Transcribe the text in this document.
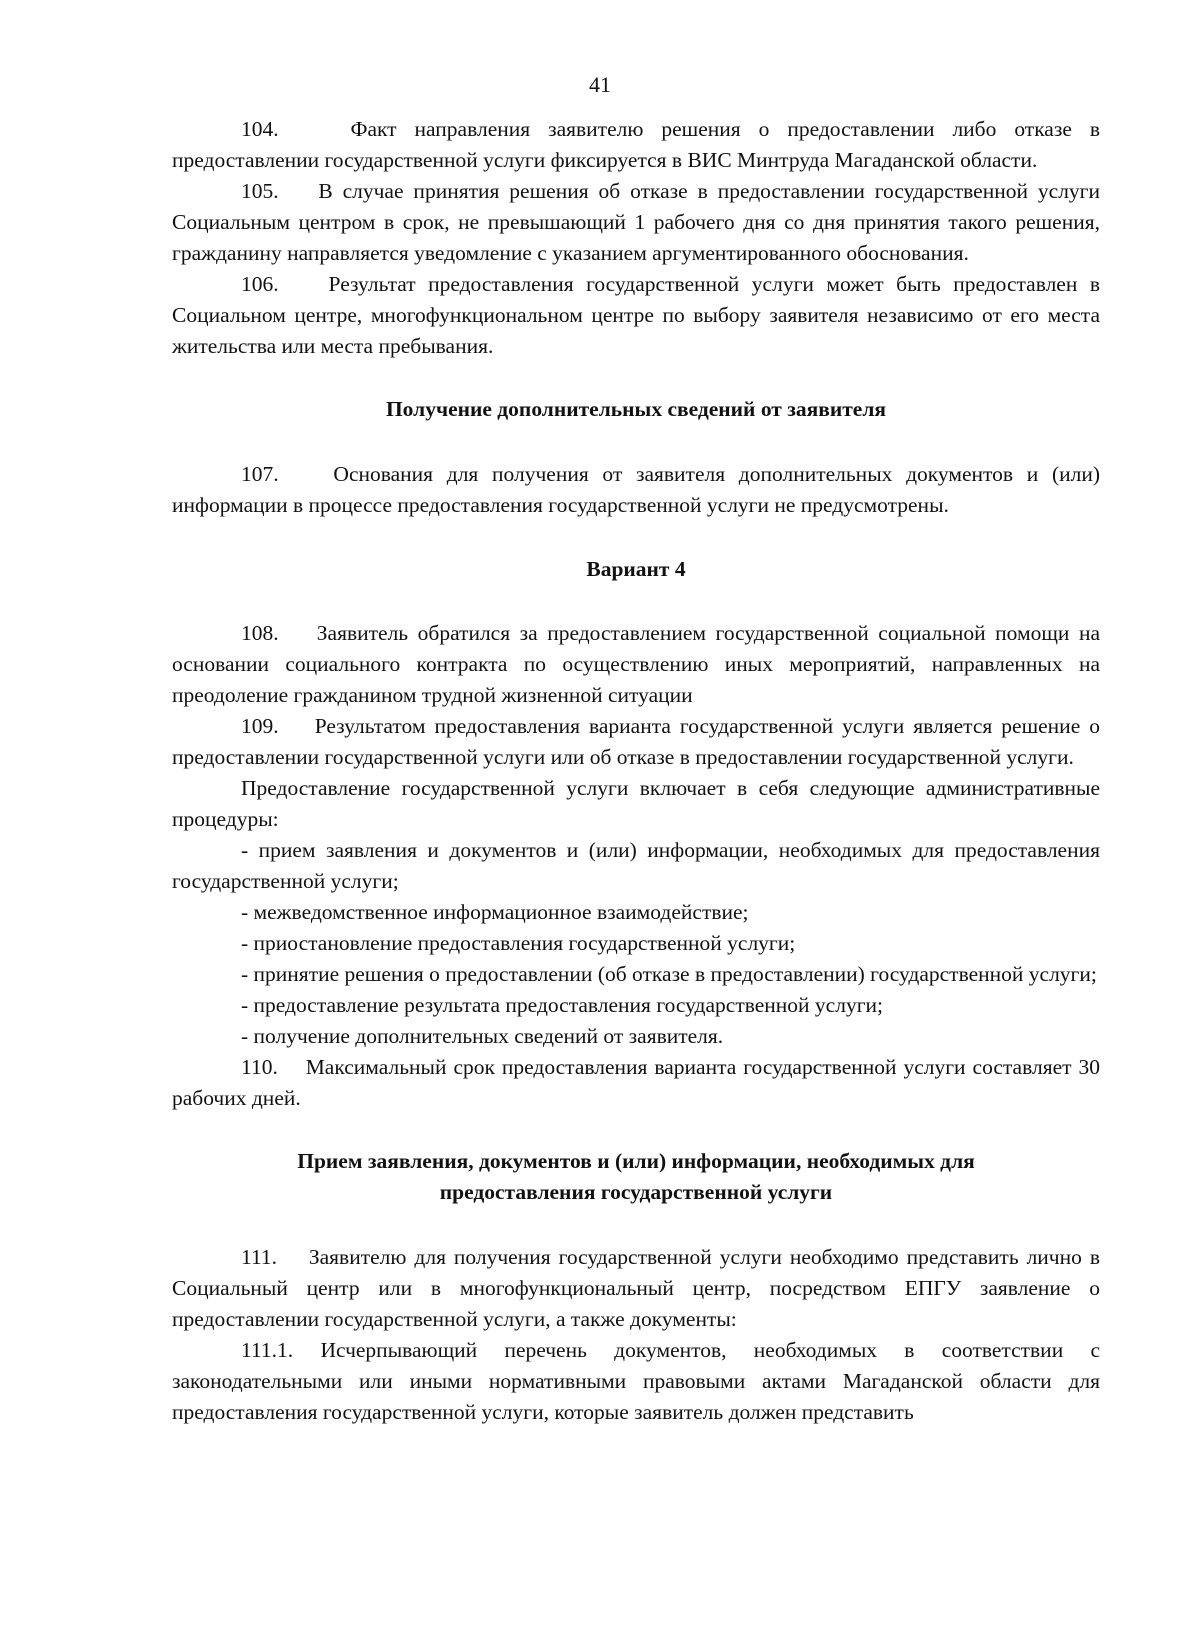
41

104.	Факт направления заявителю решения о предоставлении либо отказе в предоставлении государственной услуги фиксируется в ВИС Минтруда Магаданской области.

105. В случае принятия решения об отказе в предоставлении государственной услуги Социальным центром в срок, не превышающий 1 рабочего дня со дня принятия такого решения, гражданину направляется уведомление с указанием аргументированного обоснования.

106. Результат предоставления государственной услуги может быть предоставлен в Социальном центре, многофункциональном центре по выбору заявителя независимо от его места жительства или места пребывания.

Получение дополнительных сведений от заявителя

107.	Основания для получения от заявителя дополнительных документов и (или) информации в процессе предоставления государственной услуги не предусмотрены.

Вариант 4

108. Заявитель обратился за предоставлением государственной социальной помощи на основании социального контракта по осуществлению иных мероприятий, направленных на преодоление гражданином трудной жизненной ситуации

109. Результатом предоставления варианта государственной услуги является решение о предоставлении государственной услуги или об отказе в предоставлении государственной услуги.

Предоставление государственной услуги включает в себя следующие административные процедуры:

- прием заявления и документов и (или) информации, необходимых для предоставления государственной услуги;

- межведомственное информационное взаимодействие;

- приостановление предоставления государственной услуги;

- принятие решения о предоставлении (об отказе в предоставлении) государственной услуги;

- предоставление результата предоставления государственной услуги;

- получение дополнительных сведений от заявителя.

110. Максимальный срок предоставления варианта государственной услуги составляет 30 рабочих дней.

Прием заявления, документов и (или) информации, необходимых для
предоставления государственной услуги

111. Заявителю для получения государственной услуги необходимо представить лично в Социальный центр или в многофункциональный центр, посредством ЕПГУ заявление о предоставлении государственной услуги, а также документы:

111.1. Исчерпывающий перечень документов, необходимых в соответствии с законодательными или иными нормативными правовыми актами Магаданской области для предоставления государственной услуги, которые заявитель должен представить
